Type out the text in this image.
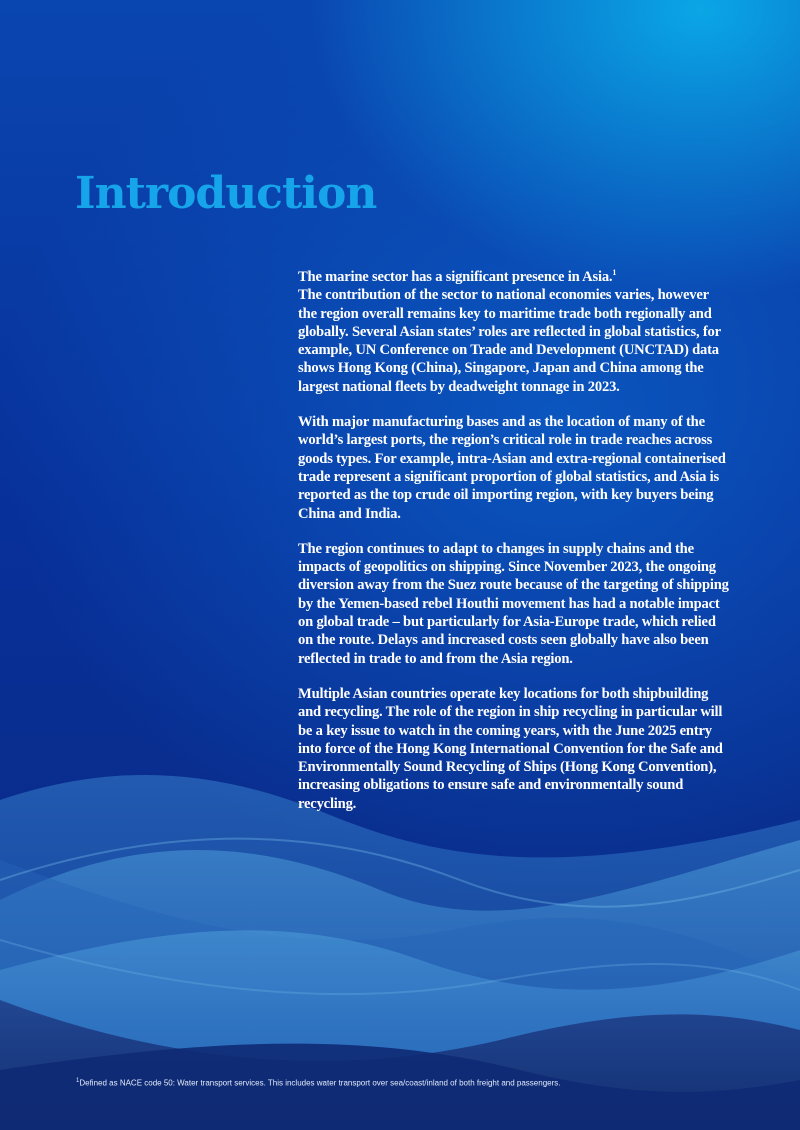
Introduction

The marine sector has a significant presence in Asia.$^1$
The contribution of the sector to national economies varies, however the region overall remains key to maritime trade both regionally and globally. Several Asian states’ roles are reflected in global statistics, for example, UN Conference on Trade and Development (UNCTAD) data shows Hong Kong (China), Singapore, Japan and China among the largest national fleets by deadweight tonnage in 2023.

With major manufacturing bases and as the location of many of the world’s largest ports, the region’s critical role in trade reaches across goods types. For example, intra-Asian and extra-regional containerised trade represent a significant proportion of global statistics, and Asia is reported as the top crude oil importing region, with key buyers being China and India.

The region continues to adapt to changes in supply chains and the impacts of geopolitics on shipping. Since November 2023, the ongoing diversion away from the Suez route because of the targeting of shipping by the Yemen-based rebel Houthi movement has had a notable impact on global trade – but particularly for Asia-Europe trade, which relied on the route. Delays and increased costs seen globally have also been reflected in trade to and from the Asia region.

Multiple Asian countries operate key locations for both shipbuilding and recycling. The role of the region in ship recycling in particular will be a key issue to watch in the coming years, with the June 2025 entry into force of the Hong Kong International Convention for the Safe and Environmentally Sound Recycling of Ships (Hong Kong Convention), increasing obligations to ensure safe and environmentally sound recycling.

$^1$Defined as NACE code 50: Water transport services. This includes water transport over sea/coast/inland of both freight and passengers.
